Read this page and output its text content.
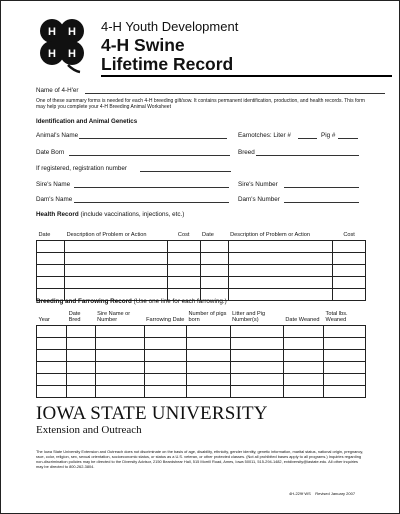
H H
H H
4-H Youth Development
4-H Swine
Lifetime Record
Name of 4-H'er
One of these summary forms is needed for each 4-H breeding gilt/sow. It contains permanent identification, production, and health records. This form may help you complete your 4-H Breeding Animal Worksheet
Identification and Animal Genetics
Animal's Name	Earnotches: Liter #	Pig #
Date Born	Breed
If registered, registration number
Sire's Name	Sire's Number
Dam's Name	Dam's Number
Health Record (include vaccinations, injections, etc.)
Date	Description of Problem or Action	Cost	Date	Description of Problem or Action	Cost

Breeding and Farrowing Record (Use one line for each farrowing.)
Year	Date Bred	Sire Name or Number	Farrowing Date	Number of pigs born	Litter and Pig Number(s)	Date Weaned	Total lbs. Weaned

IOWA STATE UNIVERSITY
Extension and Outreach
The Iowa State University Extension and Outreach does not discriminate on the basis of age, disability, ethnicity, gender identity, genetic information, marital status, national origin, pregnancy, race, color, religion, sex, sexual orientation, socioeconomic status, or status as a U.S. veteran, or other protected classes. (Not all prohibited bases apply to all programs.) Inquiries regarding non-discrimination policies may be directed to the Diversity Advisor, 2150 Beardshear Hall, 515 Morrill Road, Ames, Iowa 50011, 515-294-1482, extdiversity@iastate.edu. All other inquiries may be directed to 800-262-3804.
4H-229f WS Revised January 2007
